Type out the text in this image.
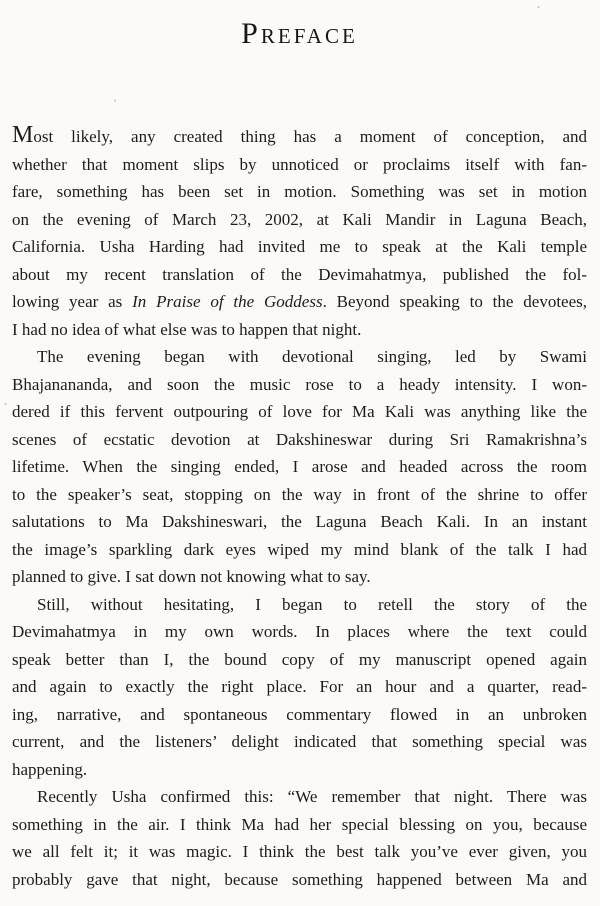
Preface
Most likely, any created thing has a moment of conception, and
whether that moment slips by unnoticed or proclaims itself with fan-
fare, something has been set in motion. Something was set in motion
on the evening of March 23, 2002, at Kali Mandir in Laguna Beach,
California. Usha Harding had invited me to speak at the Kali temple
about my recent translation of the Devimahatmya, published the fol-
lowing year as In Praise of the Goddess. Beyond speaking to the devotees,
I had no idea of what else was to happen that night.
The evening began with devotional singing, led by Swami
Bhajanananda, and soon the music rose to a heady intensity. I won-
dered if this fervent outpouring of love for Ma Kali was anything like the
scenes of ecstatic devotion at Dakshineswar during Sri Ramakrishna’s
lifetime. When the singing ended, I arose and headed across the room
to the speaker’s seat, stopping on the way in front of the shrine to offer
salutations to Ma Dakshineswari, the Laguna Beach Kali. In an instant
the image’s sparkling dark eyes wiped my mind blank of the talk I had
planned to give. I sat down not knowing what to say.
Still, without hesitating, I began to retell the story of the
Devimahatmya in my own words. In places where the text could
speak better than I, the bound copy of my manuscript opened again
and again to exactly the right place. For an hour and a quarter, read-
ing, narrative, and spontaneous commentary flowed in an unbroken
current, and the listeners’ delight indicated that something special was
happening.
Recently Usha confirmed this: “We remember that night. There was
something in the air. I think Ma had her special blessing on you, because
we all felt it; it was magic. I think the best talk you’ve ever given, you
probably gave that night, because something happened between Ma and
